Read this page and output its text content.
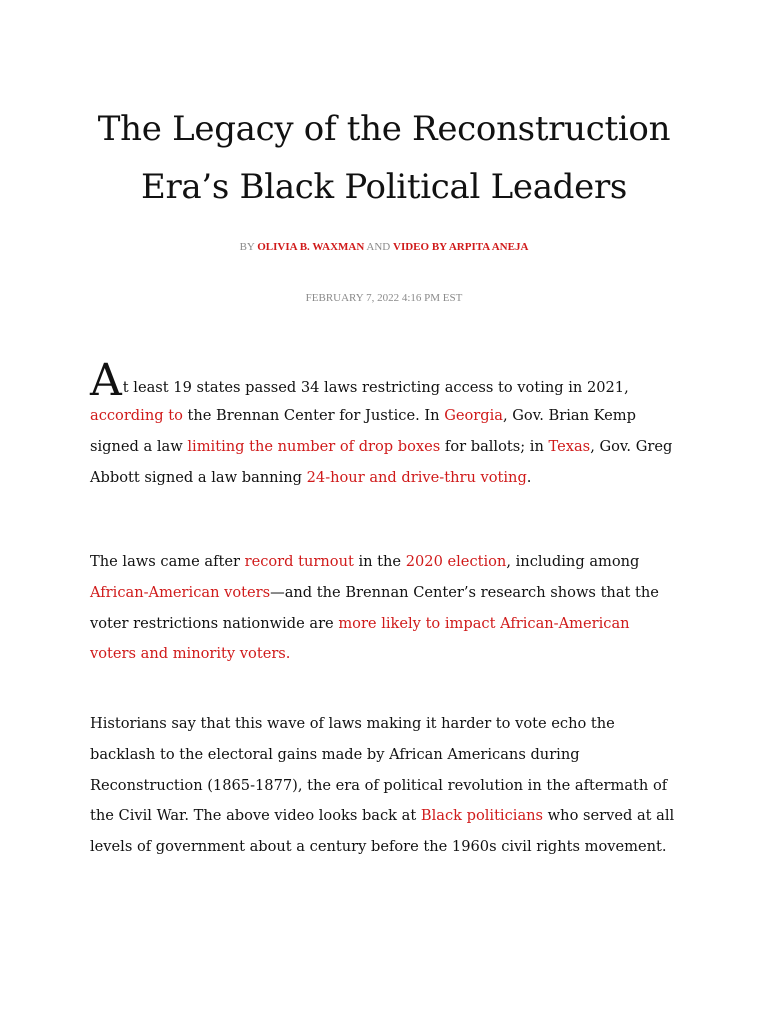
The Legacy of the Reconstruction Era’s Black Political Leaders
BY OLIVIA B. WAXMAN AND VIDEO BY ARPITA ANEJA
FEBRUARY 7, 2022 4:16 PM EST

A t least 19 states passed 34 laws restricting access to voting in 2021,
according to the Brennan Center for Justice. In Georgia, Gov. Brian Kemp signed a law limiting the number of drop boxes for ballots; in Texas, Gov. Greg Abbott signed a law banning 24-hour and drive-thru voting.

The laws came after record turnout in the 2020 election, including among African-American voters—and the Brennan Center’s research shows that the voter restrictions nationwide are more likely to impact African-American voters and minority voters.

Historians say that this wave of laws making it harder to vote echo the backlash to the electoral gains made by African Americans during Reconstruction (1865-1877), the era of political revolution in the aftermath of the Civil War. The above video looks back at Black politicians who served at all levels of government about a century before the 1960s civil rights movement.
